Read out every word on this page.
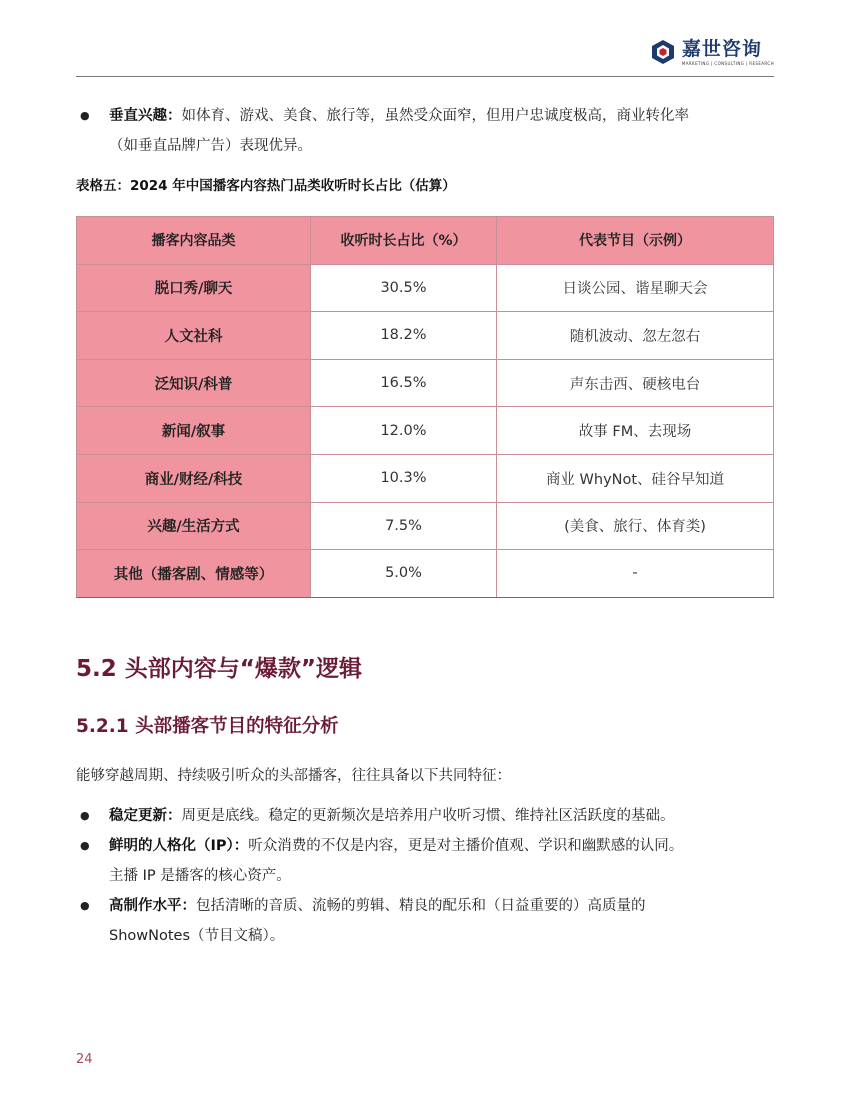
嘉世咨询
MARKETING | CONSULTING | RESEARCH
● 垂直兴趣：如体育、游戏、美食、旅行等，虽然受众面窄，但用户忠诚度极高，商业转化率
（如垂直品牌广告）表现优异。
表格五：2024 年中国播客内容热门品类收听时长占比（估算）
播客内容品类	收听时长占比（%）	代表节目（示例）
脱口秀/聊天	30.5%	日谈公园、谐星聊天会
人文社科	18.2%	随机波动、忽左忽右
泛知识/科普	16.5%	声东击西、硬核电台
新闻/叙事	12.0%	故事 FM、去现场
商业/财经/科技	10.3%	商业 WhyNot、硅谷早知道
兴趣/生活方式	7.5%	(美食、旅行、体育类)
其他（播客剧、情感等）	5.0%	-
5.2 头部内容与“爆款”逻辑
5.2.1 头部播客节目的特征分析
能够穿越周期、持续吸引听众的头部播客，往往具备以下共同特征：
● 稳定更新：周更是底线。稳定的更新频次是培养用户收听习惯、维持社区活跃度的基础。
● 鲜明的人格化（IP）：听众消费的不仅是内容，更是对主播价值观、学识和幽默感的认同。
主播 IP 是播客的核心资产。
● 高制作水平：包括清晰的音质、流畅的剪辑、精良的配乐和（日益重要的）高质量的
ShowNotes（节目文稿）。
24
